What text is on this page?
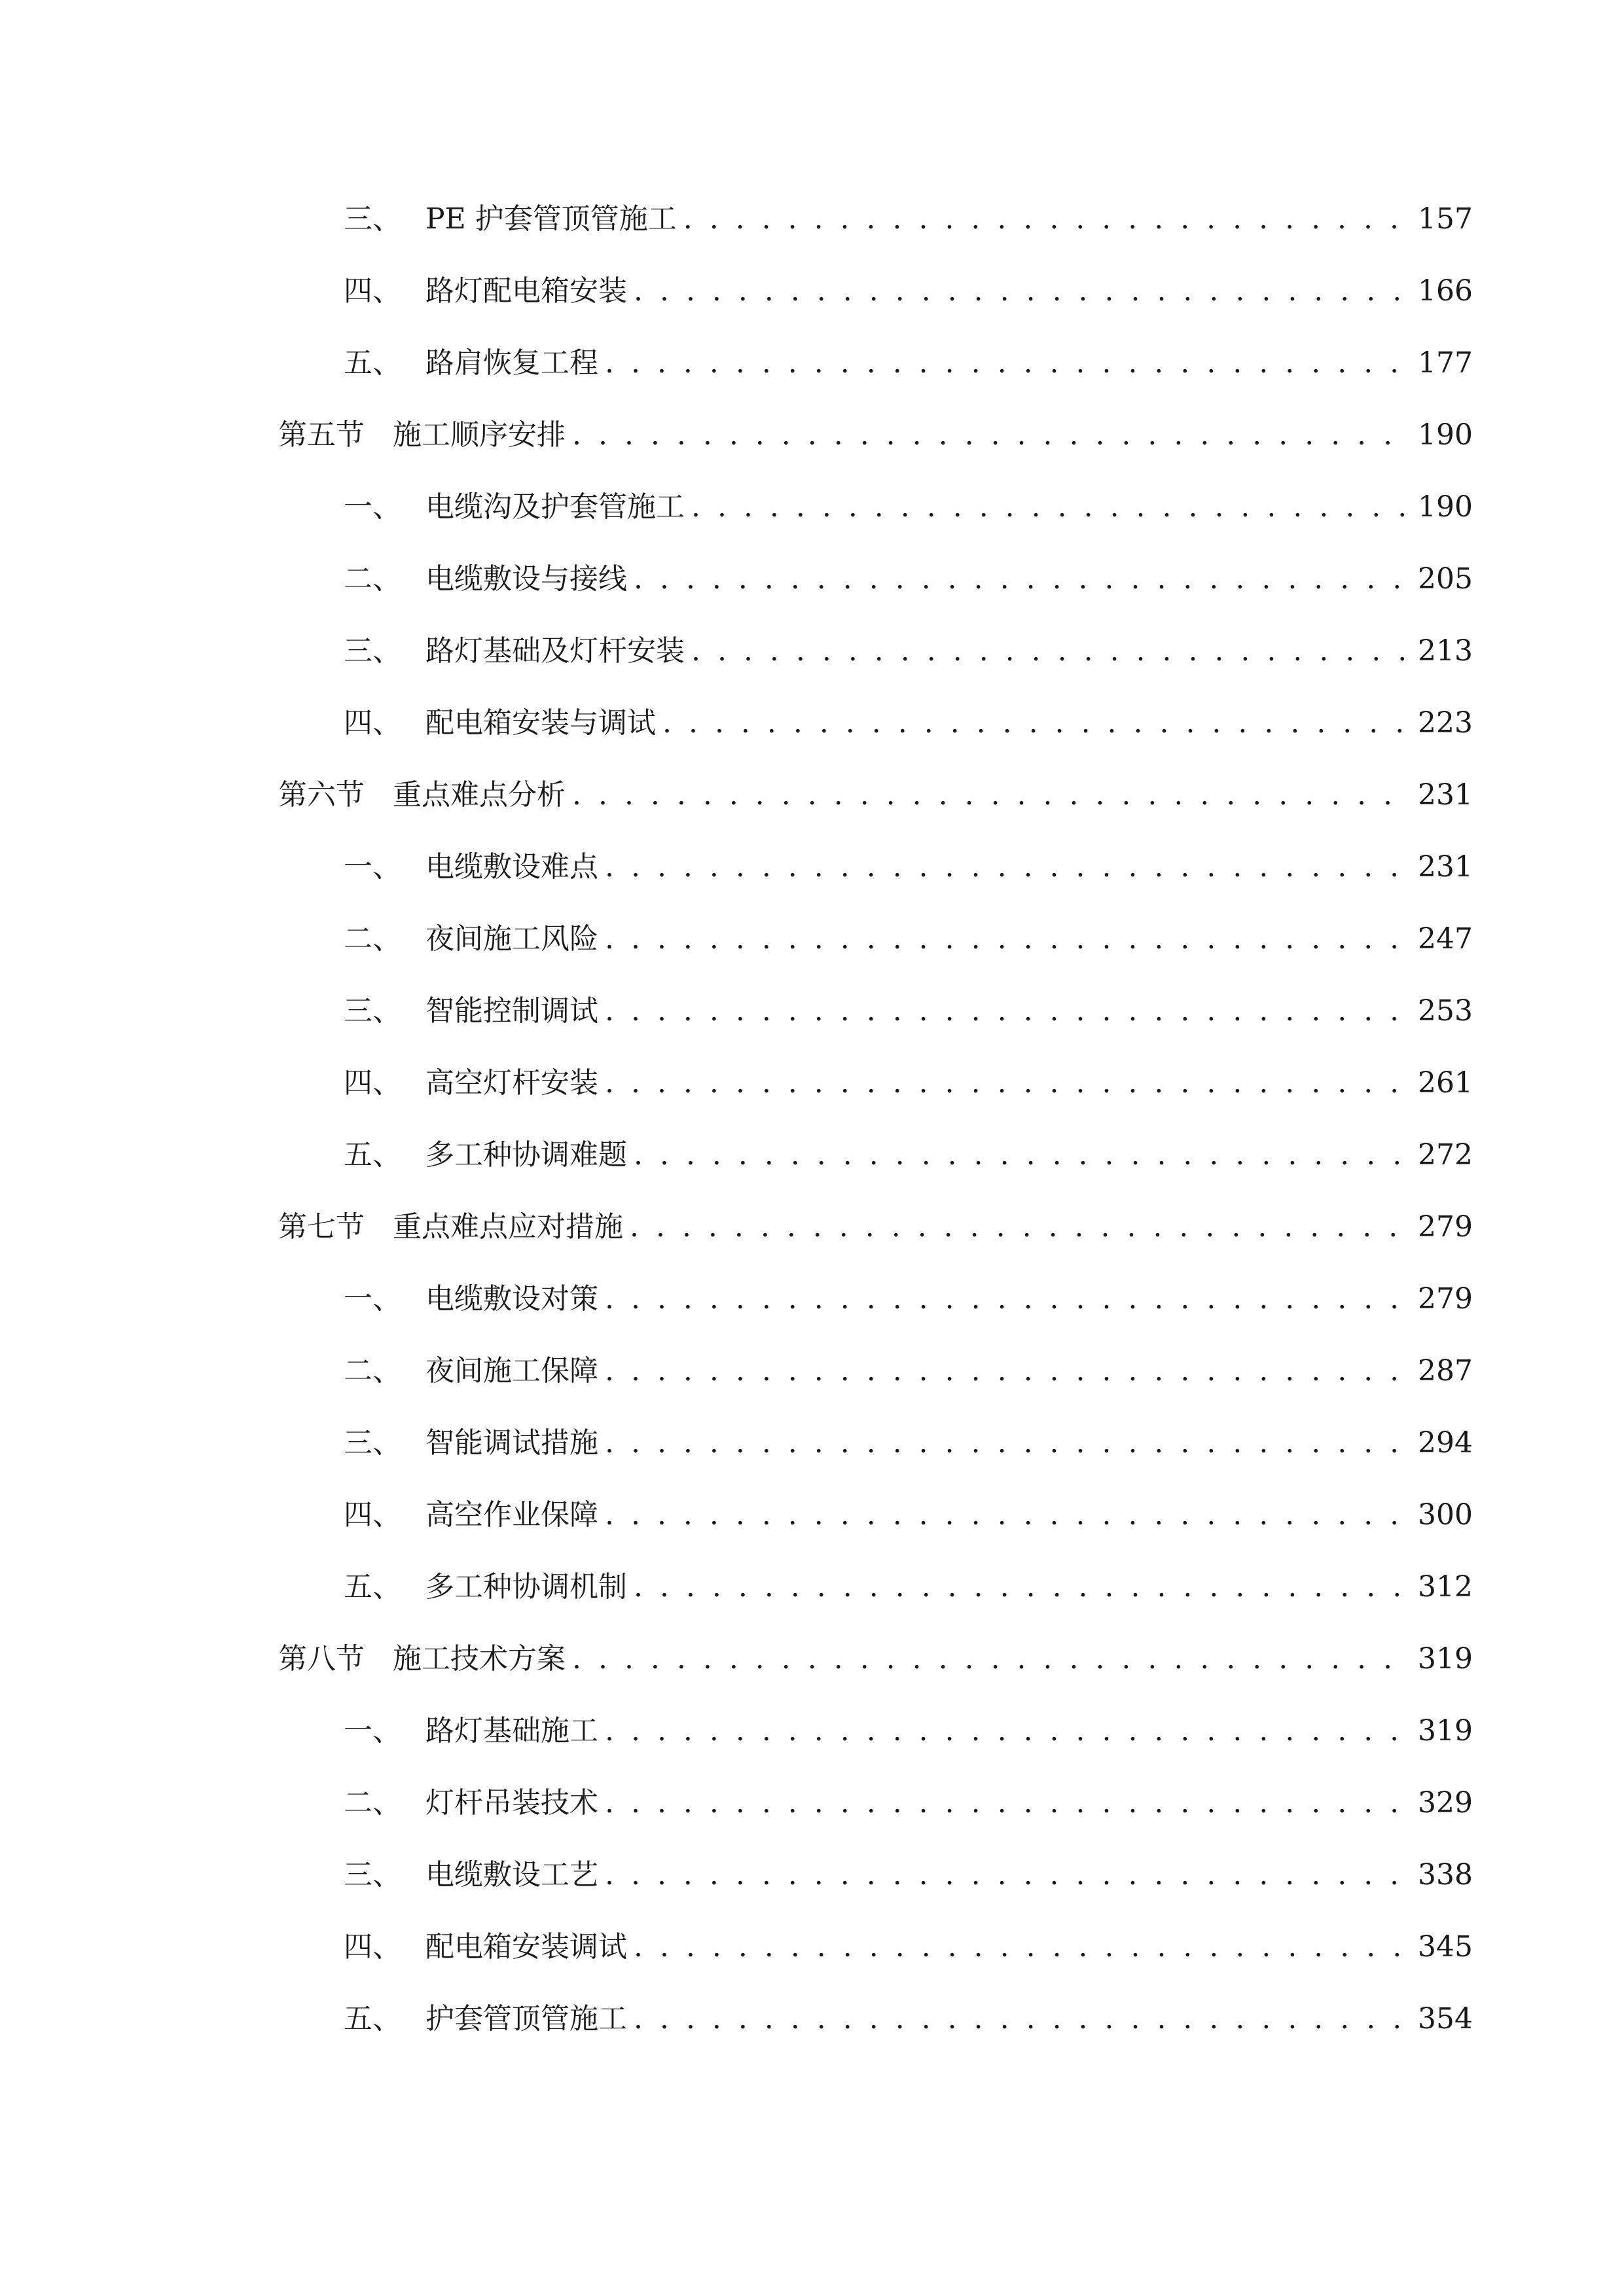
三、 PE 护套管顶管施工 . . .	157
四、 路灯配电箱安装 . . .	166
五、 路肩恢复工程 . . .	177
第五节 施工顺序安排 . . .	190
一、 电缆沟及护套管施工 . . .	190
二、 电缆敷设与接线 . . .	205
三、 路灯基础及灯杆安装 . . .	213
四、 配电箱安装与调试 . . .	223
第六节 重点难点分析 . . .	231
一、 电缆敷设难点 . . .	231
二、 夜间施工风险 . . .	247
三、 智能控制调试 . . .	253
四、 高空灯杆安装 . . .	261
五、 多工种协调难题 . . .	272
第七节 重点难点应对措施 . . .	279
一、 电缆敷设对策 . . .	279
二、 夜间施工保障 . . .	287
三、 智能调试措施 . . .	294
四、 高空作业保障 . . .	300
五、 多工种协调机制 . . .	312
第八节 施工技术方案 . . .	319
一、 路灯基础施工 . . .	319
二、 灯杆吊装技术 . . .	329
三、 电缆敷设工艺 . . .	338
四、 配电箱安装调试 . . .	345
五、 护套管顶管施工 . . .	354
